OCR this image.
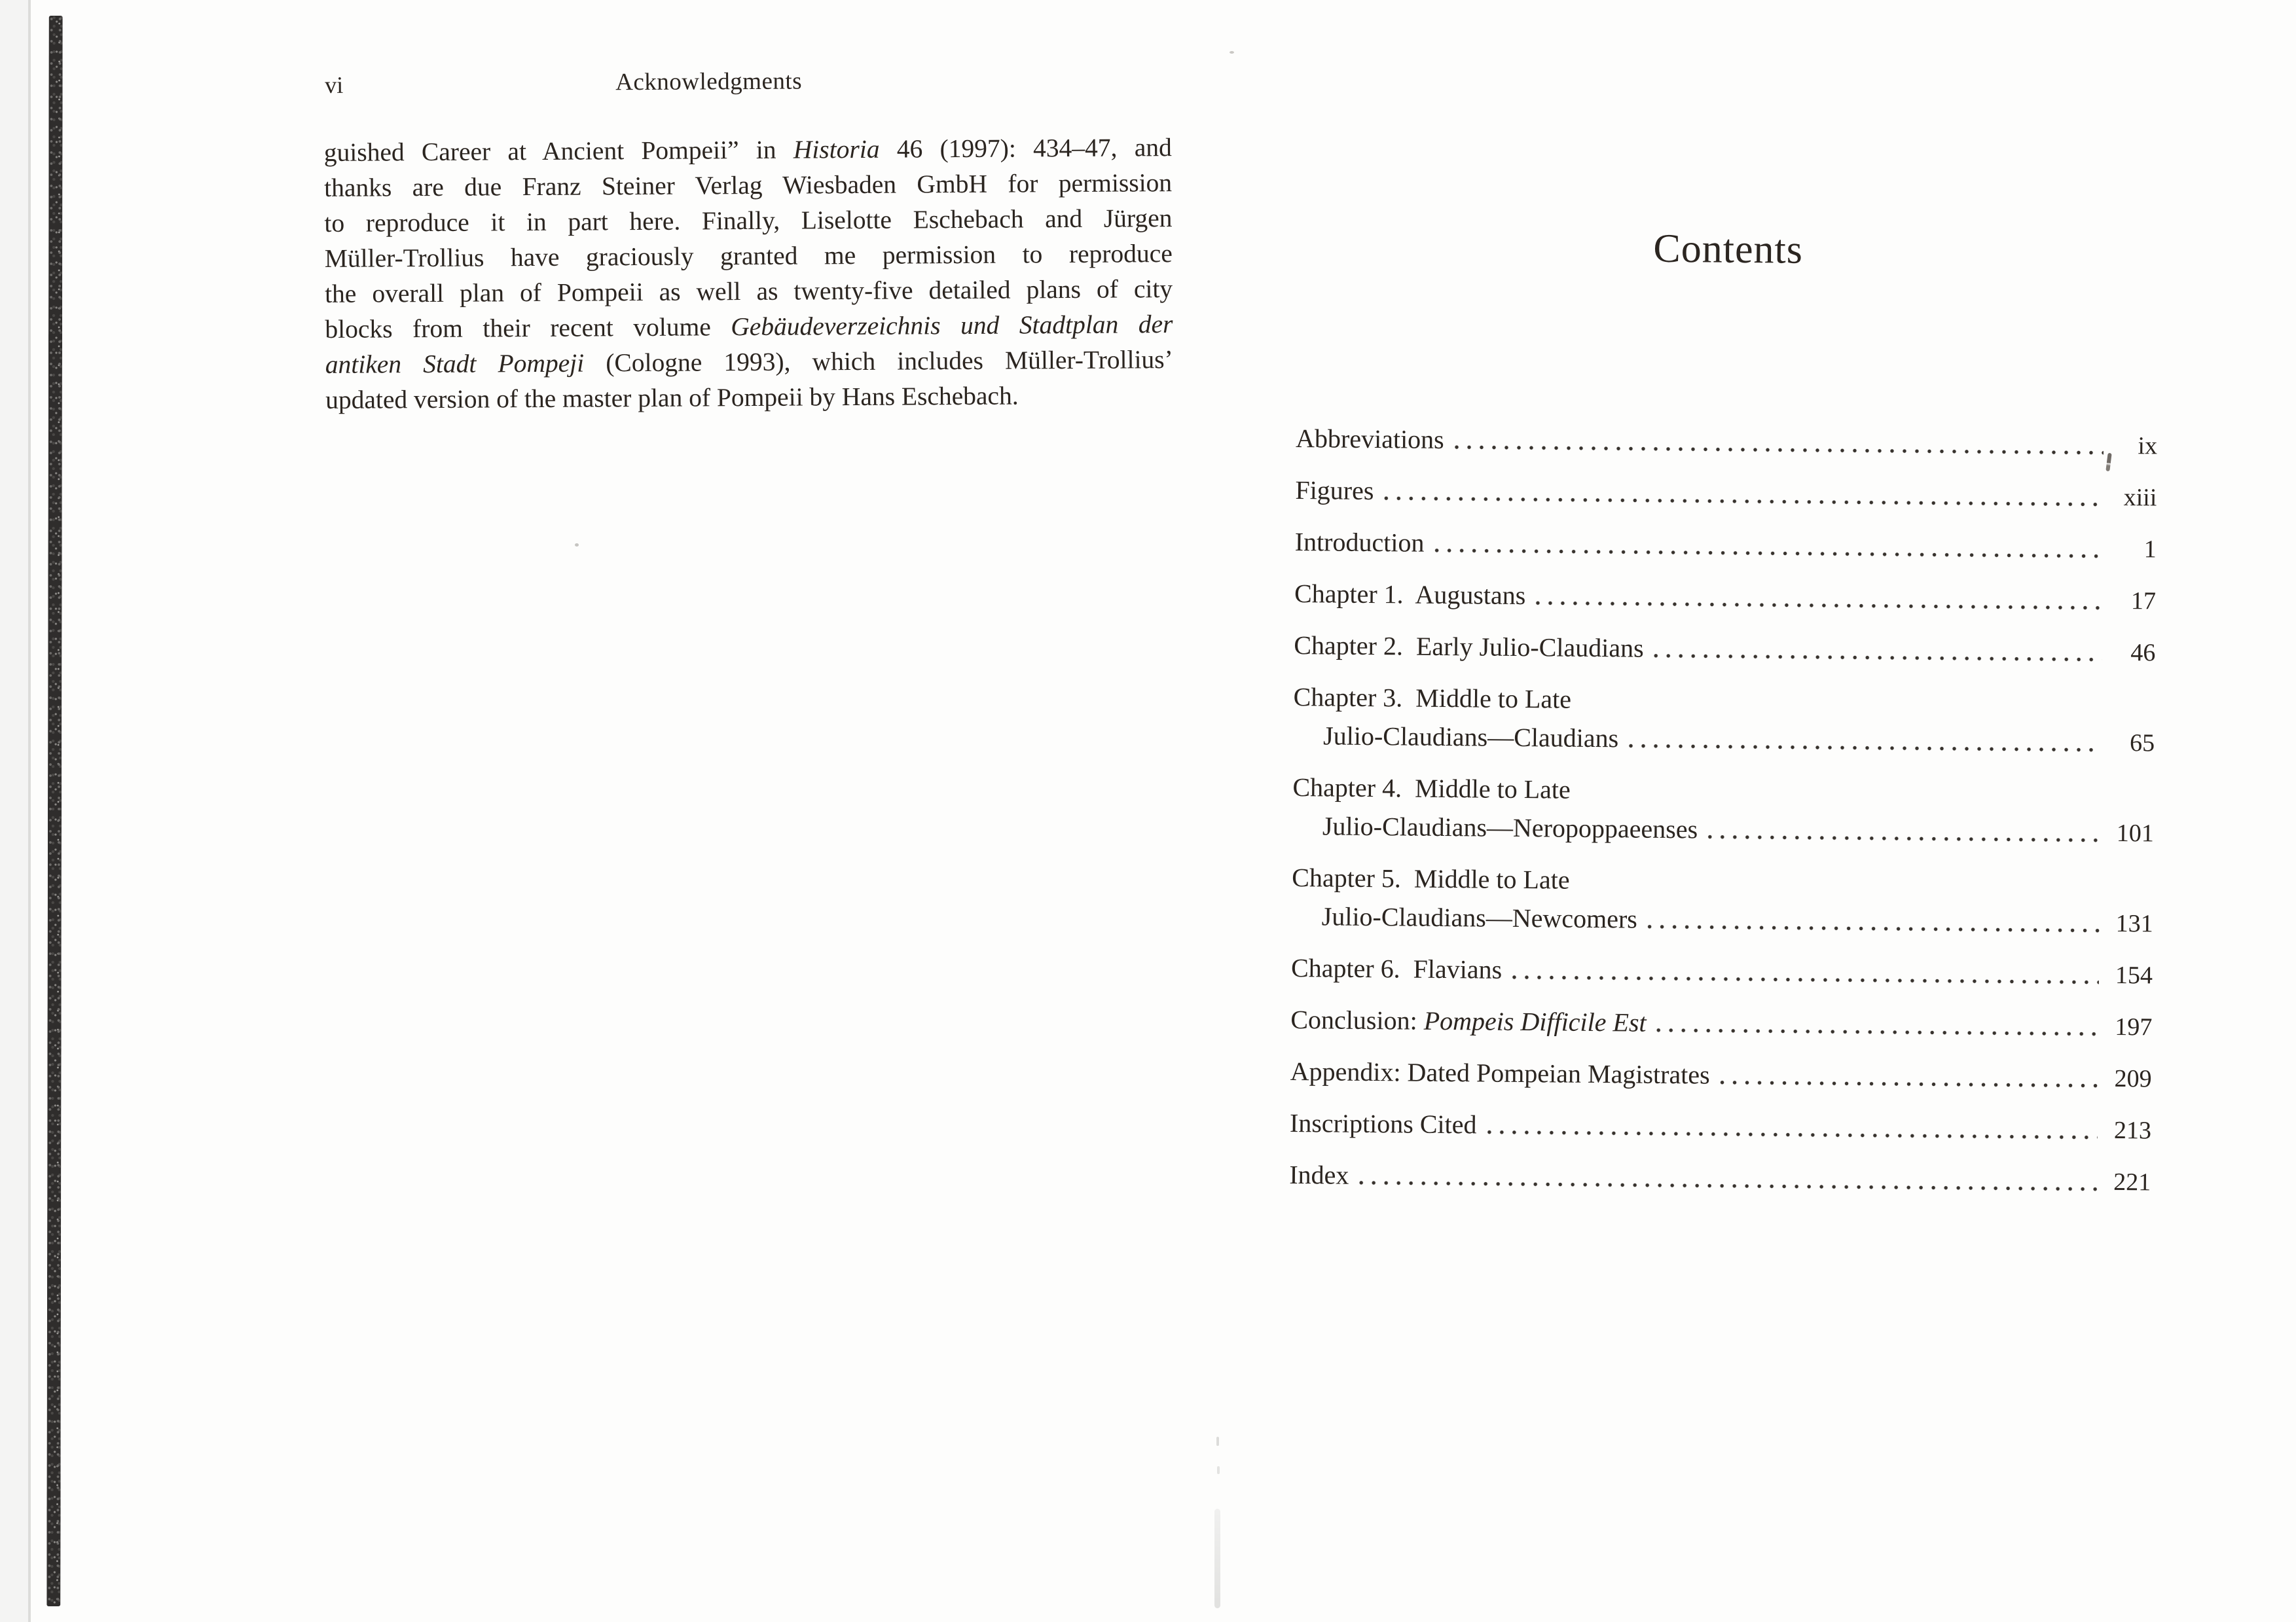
vi	Acknowledgments
guished Career at Ancient Pompeii” in Historia 46 (1997): 434–47, and
thanks are due Franz Steiner Verlag Wiesbaden GmbH for permission
to reproduce it in part here. Finally, Liselotte Eschebach and Jürgen
Müller-Trollius have graciously granted me permission to reproduce
the overall plan of Pompeii as well as twenty-five detailed plans of city
blocks from their recent volume Gebäudeverzeichnis und Stadtplan der
antiken Stadt Pompeji (Cologne 1993), which includes Müller-Trollius’
updated version of the master plan of Pompeii by Hans Eschebach.
Contents
Abbreviations	ix
Figures	xiii
Introduction	1
Chapter 1.  Augustans	17
Chapter 2.  Early Julio-Claudians	46
Chapter 3.  Middle to Late
Julio-Claudians—Claudians	65
Chapter 4.  Middle to Late
Julio-Claudians—Neropoppaeenses	101
Chapter 5.  Middle to Late
Julio-Claudians—Newcomers	131
Chapter 6.  Flavians	154
Conclusion: Pompeis Difficile Est	197
Appendix: Dated Pompeian Magistrates	209
Inscriptions Cited	213
Index	221
